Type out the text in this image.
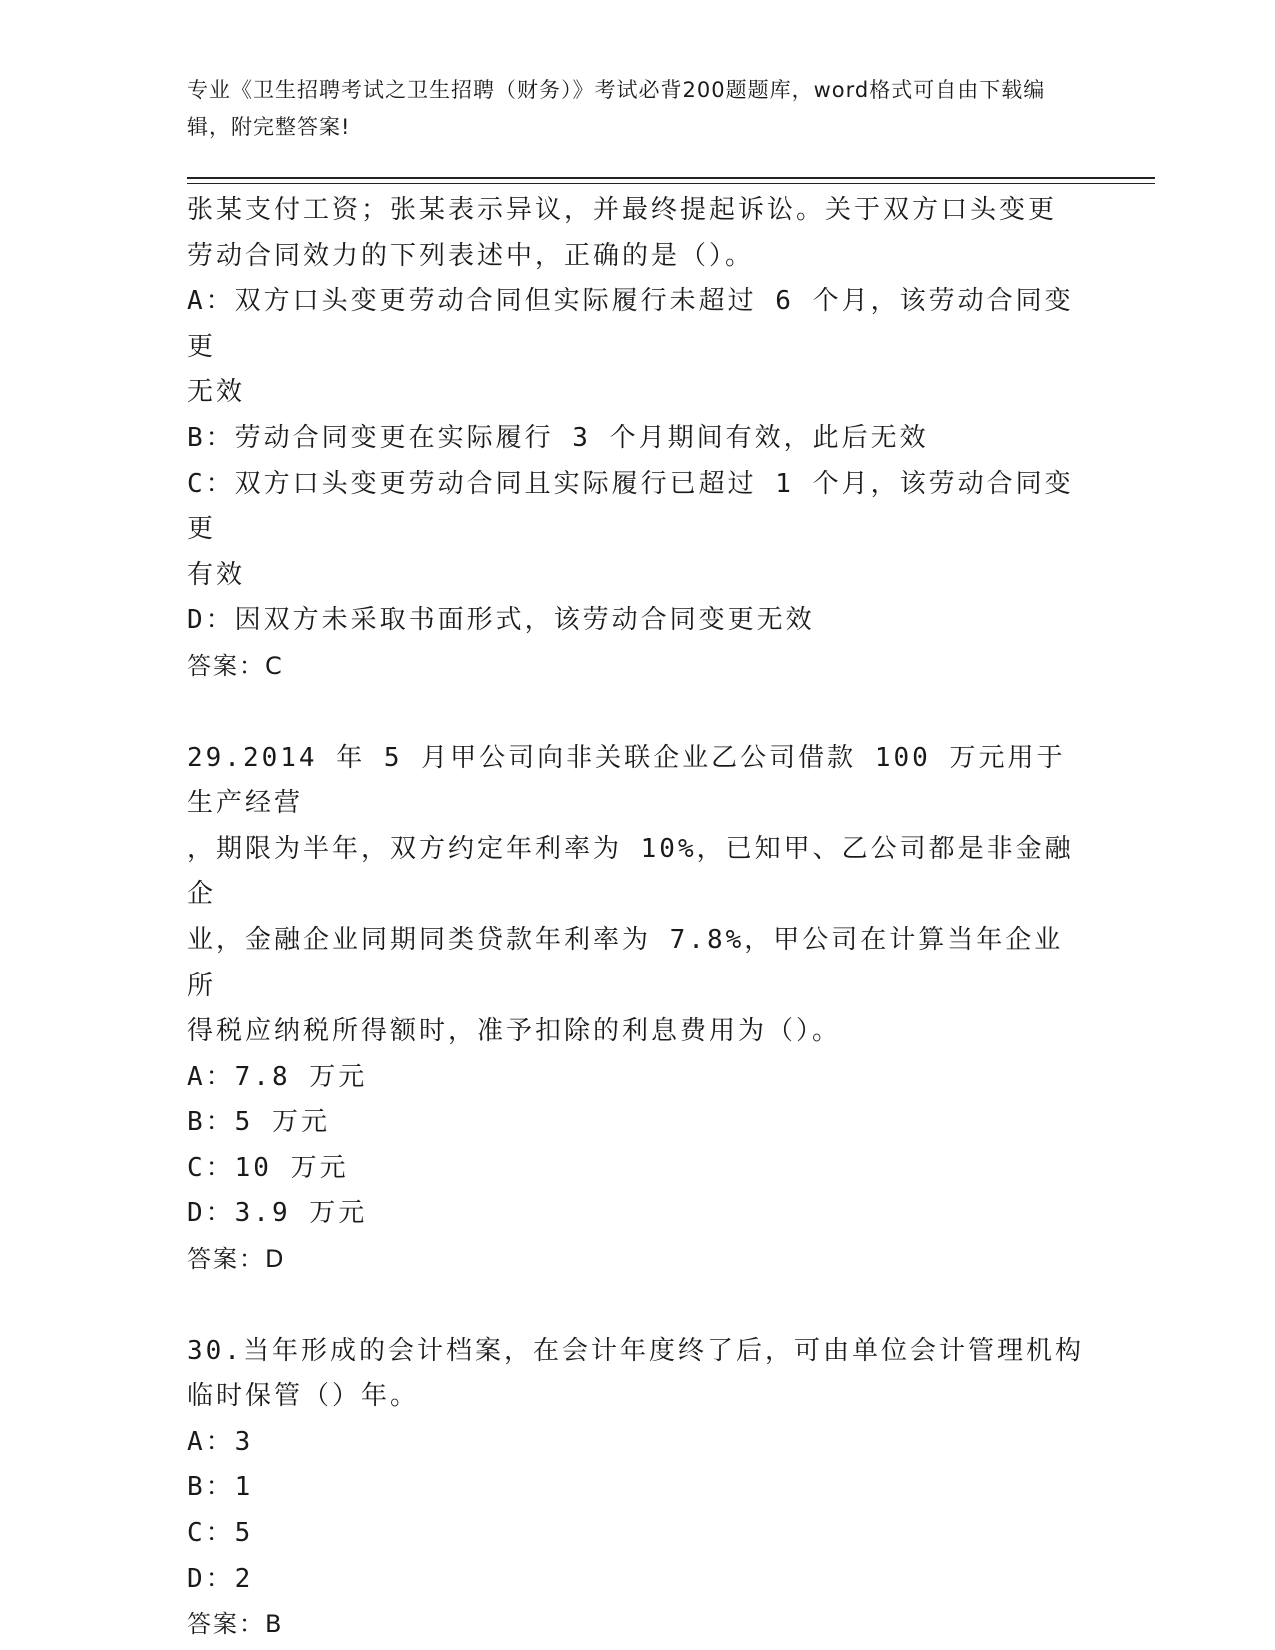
专业《卫生招聘考试之卫生招聘（财务）》考试必背200题题库，word格式可自由下载编辑，附完整答案!

张某支付工资；张某表示异议，并最终提起诉讼。关于双方口头变更

劳动合同效力的下列表述中，正确的是（）。

A：双方口头变更劳动合同但实际履行未超过 6 个月，该劳动合同变更

无效

B：劳动合同变更在实际履行 3 个月期间有效，此后无效

C：双方口头变更劳动合同且实际履行已超过 1 个月，该劳动合同变更

有效

D：因双方未采取书面形式，该劳动合同变更无效

答案：C

29.2014 年 5 月甲公司向非关联企业乙公司借款 100 万元用于生产经营

，期限为半年，双方约定年利率为 10%，已知甲、乙公司都是非金融企

业，金融企业同期同类贷款年利率为 7.8%，甲公司在计算当年企业所

得税应纳税所得额时，准予扣除的利息费用为（）。

A：7.8 万元

B：5 万元

C：10 万元

D：3.9 万元

答案：D

30.当年形成的会计档案，在会计年度终了后，可由单位会计管理机构

临时保管（）年。

A：3

B：1

C：5

D：2

答案：B
